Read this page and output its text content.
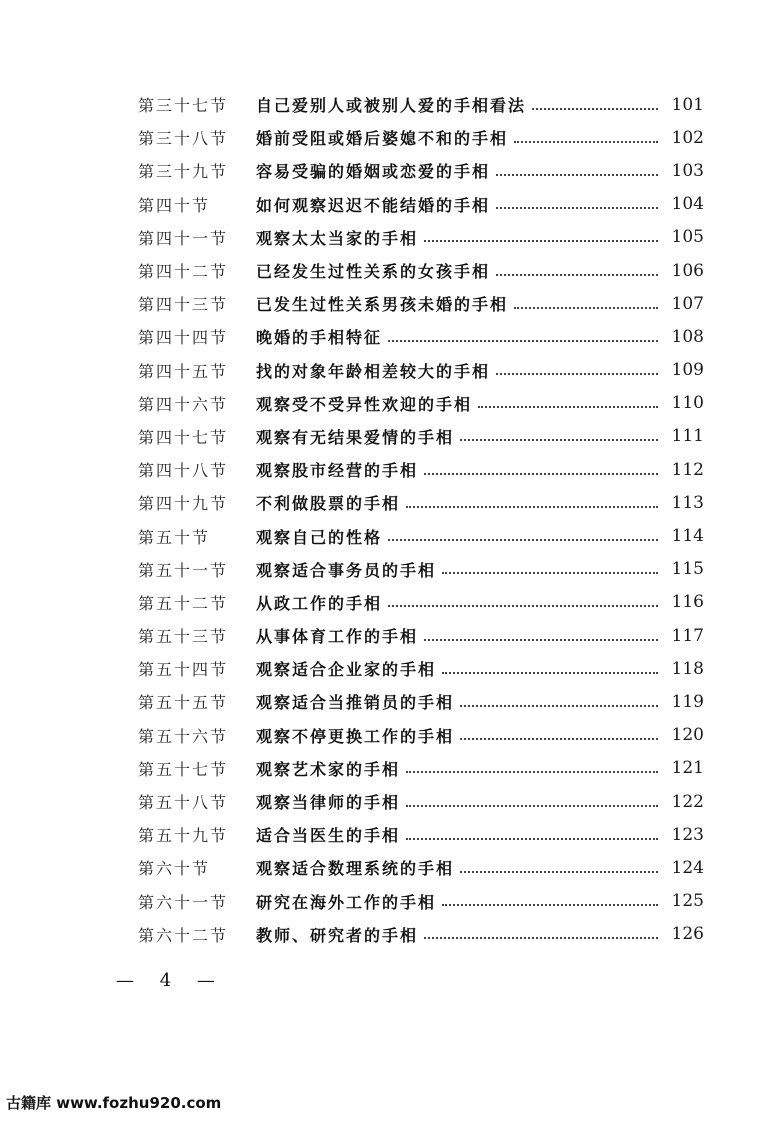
第三十七节	自己爱别人或被别人爱的手相看法	101
第三十八节	婚前受阻或婚后婆媳不和的手相	102
第三十九节	容易受骗的婚姻或恋爱的手相	103
第四十节	如何观察迟迟不能结婚的手相	104
第四十一节	观察太太当家的手相	105
第四十二节	已经发生过性关系的女孩手相	106
第四十三节	已发生过性关系男孩未婚的手相	107
第四十四节	晚婚的手相特征	108
第四十五节	找的对象年龄相差较大的手相	109
第四十六节	观察受不受异性欢迎的手相	110
第四十七节	观察有无结果爱情的手相	111
第四十八节	观察股市经营的手相	112
第四十九节	不利做股票的手相	113
第五十节	观察自己的性格	114
第五十一节	观察适合事务员的手相	115
第五十二节	从政工作的手相	116
第五十三节	从事体育工作的手相	117
第五十四节	观察适合企业家的手相	118
第五十五节	观察适合当推销员的手相	119
第五十六节	观察不停更换工作的手相	120
第五十七节	观察艺术家的手相	121
第五十八节	观察当律师的手相	122
第五十九节	适合当医生的手相	123
第六十节	观察适合数理系统的手相	124
第六十一节	研究在海外工作的手相	125
第六十二节	教师、研究者的手相	126
— 4 —
古籍库 www.fozhu920.com
